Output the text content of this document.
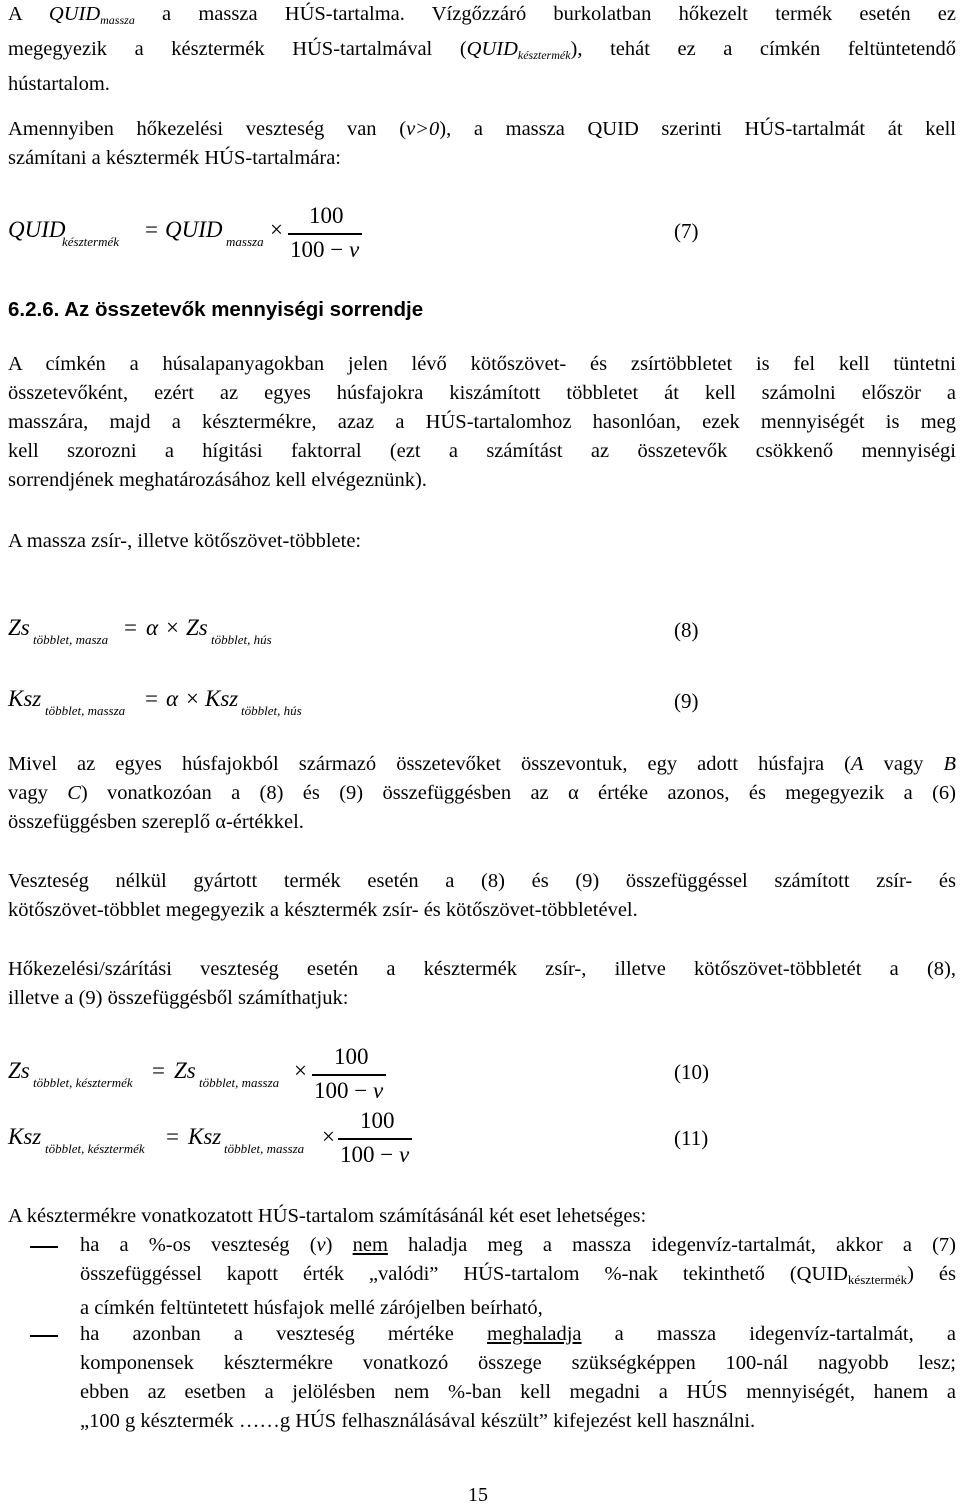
A QUIDmassza a massza HÚS-tartalma. Vízgőzzáró burkolatban hőkezelt termék esetén ez
megegyezik a késztermék HÚS-tartalmával (QUIDkésztermék), tehát ez a címkén feltüntetendő
hústartalom.
Amennyiben hőkezelési veszteség van (v>0), a massza QUID szerinti HÚS-tartalmát át kell
számítani a késztermék HÚS-tartalmára:
QUID
késztermék = QUID massza ×
100
100 − v
(7)
6.2.6. Az összetevők mennyiségi sorrendje
A címkén a húsalapanyagokban jelen lévő kötőszövet- és zsírtöbbletet is fel kell tüntetni
összetevőként, ezért az egyes húsfajokra kiszámított többletet át kell számolni először a
masszára, majd a késztermékre, azaz a HÚS-tartalomhoz hasonlóan, ezek mennyiségét is meg
kell szorozni a hígitási faktorral (ezt a számítást az összetevők csökkenő mennyiségi
sorrendjének meghatározásához kell elvégeznünk).
A massza zsír-, illetve kötőszövet-többlete:
Zs többlet, masza = α × Zs többlet, hús	(8)
Ksz többlet, massza = α × Ksz többlet, hús	(9)
Mivel az egyes húsfajokból származó összetevőket összevontuk, egy adott húsfajra (A vagy B
vagy C) vonatkozóan a (8) és (9) összefüggésben az α értéke azonos, és megegyezik a (6)
összefüggésben szereplő α-értékkel.
Veszteség nélkül gyártott termék esetén a (8) és (9) összefüggéssel számított zsír- és
kötőszövet-többlet megegyezik a késztermék zsír- és kötőszövet-többletével.
Hőkezelési/szárítási veszteség esetén a késztermék zsír-, illetve kötőszövet-többletét a (8),
illetve a (9) összefüggésből számíthatjuk:
Zs többlet, késztermék = Zs többlet, massza ×
100
100 − v
(10)
Ksz többlet, késztermék = Ksz többlet, massza ×
100
100 − v
(11)
A késztermékre vonatkozatott HÚS-tartalom számításánál két eset lehetséges:
ha a %-os veszteség (v) nem haladja meg a massza idegenvíz-tartalmát, akkor a (7)
összefüggéssel kapott érték „valódi” HÚS-tartalom %-nak tekinthető $(QUID_{késztermék})$ és
a címkén feltüntetett húsfajok mellé zárójelben beírható,
ha azonban a veszteség mértéke meghaladja a massza idegenvíz-tartalmát, a
komponensek késztermékre vonatkozó összege szükségképpen 100-nál nagyobb lesz;
ebben az esetben a jelölésben nem %-ban kell megadni a HÚS mennyiségét, hanem a
„100 g késztermék ……g HÚS felhasználásával készült” kifejezést kell használni.
15
